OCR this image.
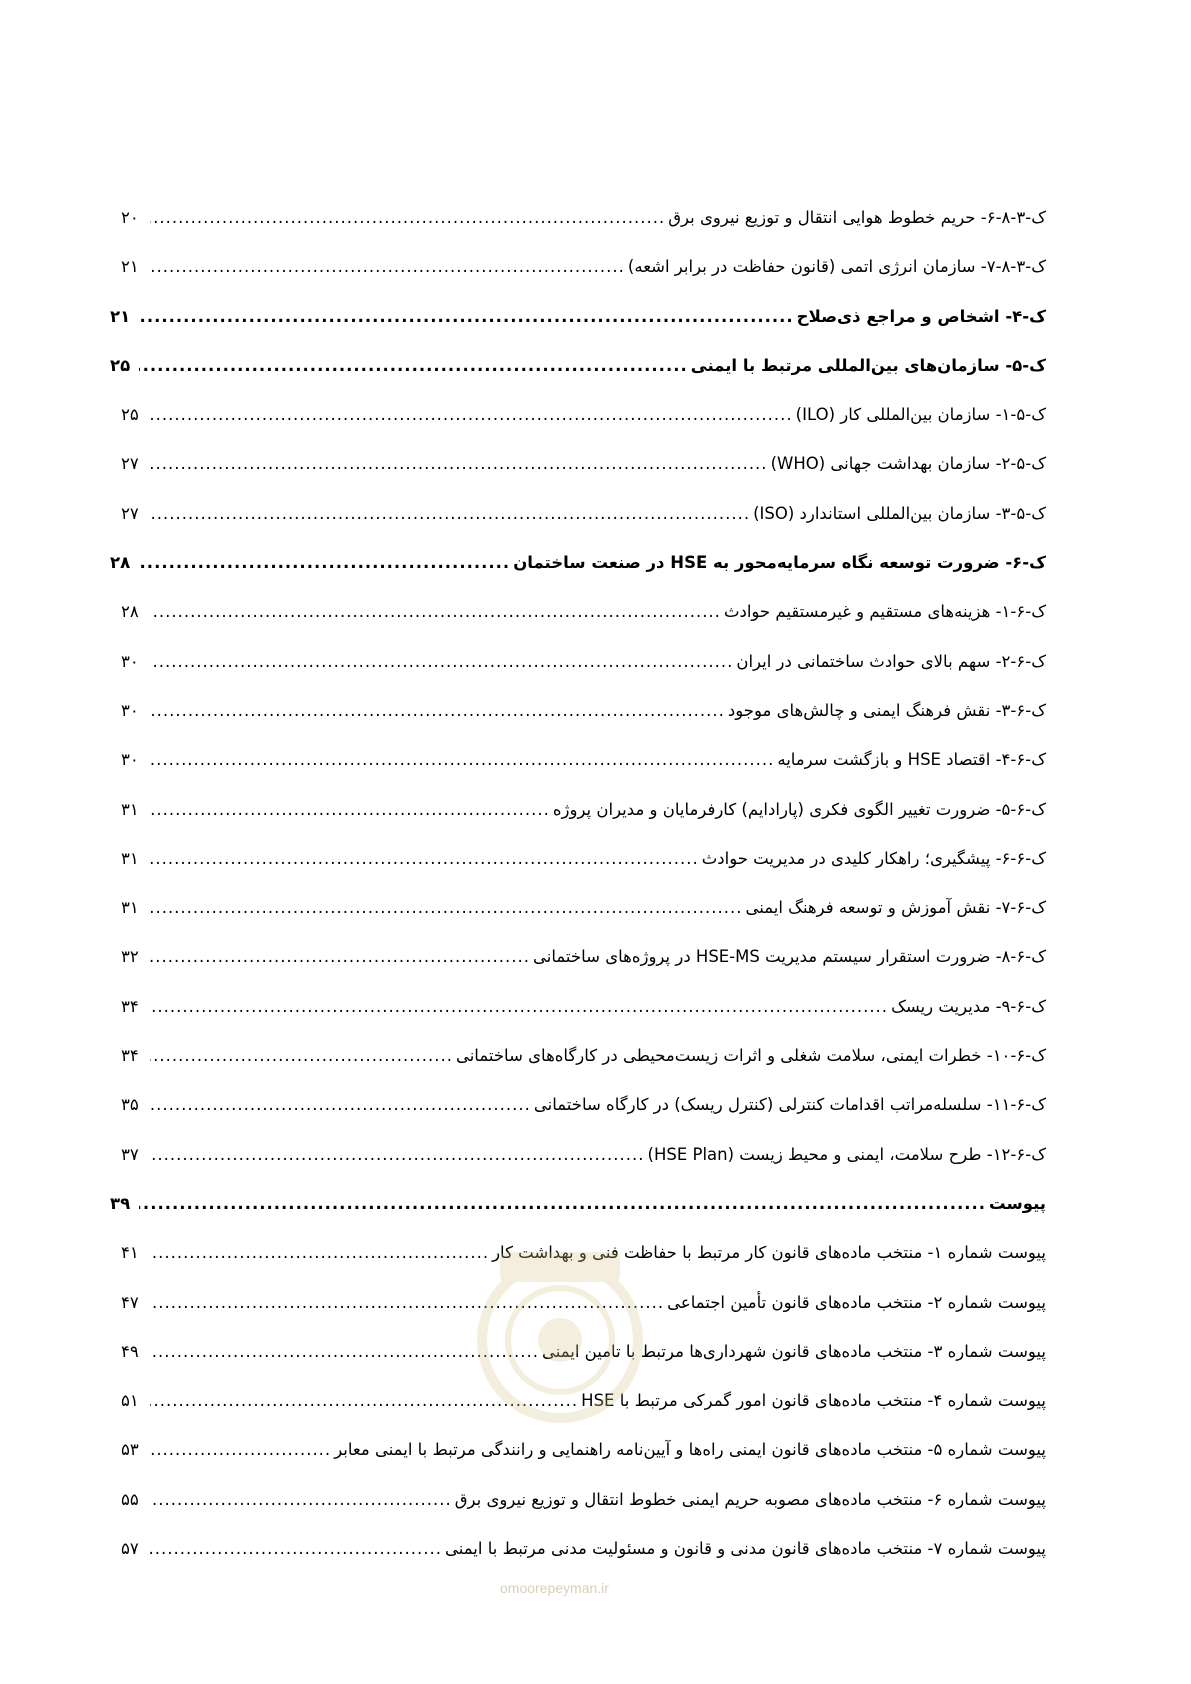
ک-۳-۸-۶- حریم خطوط هوایی انتقال و توزیع نیروی برق
.....
۲۰
ک-۳-۸-۷- سازمان انرژی اتمی (قانون حفاظت در برابر اشعه)
.....
۲۱
ک-۴- اشخاص و مراجع ذی‌صلاح
.....
۲۱
ک-۵- سازمان‌های بین‌المللی مرتبط با ایمنی
.....
۲۵
ک-۵-۱- سازمان بین‌المللی کار (ILO)
.....
۲۵
ک-۵-۲- سازمان بهداشت جهانی (WHO)
.....
۲۷
ک-۵-۳- سازمان بین‌المللی استاندارد (ISO)
.....
۲۷
ک-۶- ضرورت توسعه نگاه سرمایه‌محور به HSE در صنعت ساختمان
.....
۲۸
ک-۶-۱- هزینه‌های مستقیم و غیرمستقیم حوادث
.....
۲۸
ک-۶-۲- سهم بالای حوادث ساختمانی در ایران
.....
۳۰
ک-۶-۳- نقش فرهنگ ایمنی و چالش‌های موجود
.....
۳۰
ک-۶-۴- اقتصاد HSE و بازگشت سرمایه
.....
۳۰
ک-۶-۵- ضرورت تغییر الگوی فکری (پارادایم) کارفرمایان و مدیران پروژه
.....
۳۱
ک-۶-۶- پیشگیری؛ راهکار کلیدی در مدیریت حوادث
.....
۳۱
ک-۶-۷- نقش آموزش و توسعه فرهنگ ایمنی
.....
۳۱
ک-۶-۸- ضرورت استقرار سیستم مدیریت HSE-MS در پروژه‌های ساختمانی
.....
۳۲
ک-۶-۹- مدیریت ریسک
.....
۳۴
ک-۶-۱۰- خطرات ایمنی، سلامت شغلی و اثرات زیست‌محیطی در کارگاه‌های ساختمانی
.....
۳۴
ک-۶-۱۱- سلسله‌مراتب اقدامات کنترلی (کنترل ریسک) در کارگاه ساختمانی
.....
۳۵
ک-۶-۱۲- طرح سلامت، ایمنی و محیط زیست (HSE Plan)
.....
۳۷
پیوست
.....
۳۹
پیوست شماره ۱- منتخب ماده‌های قانون کار مرتبط با حفاظت فنی و بهداشت کار
.....
۴۱
پیوست شماره ۲- منتخب ماده‌های قانون تأمین اجتماعی
.....
۴۷
پیوست شماره ۳- منتخب ماده‌های قانون شهرداری‌ها مرتبط با تامین ایمنی
.....
۴۹
پیوست شماره ۴- منتخب ماده‌های قانون امور گمرکی مرتبط با HSE
.....
۵۱
پیوست شماره ۵- منتخب ماده‌های قانون ایمنی راه‌ها و آیین‌نامه راهنمایی و رانندگی مرتبط با ایمنی معابر
.....
۵۳
پیوست شماره ۶- منتخب ماده‌های مصوبه حریم ایمنی خطوط انتقال و توزیع نیروی برق
.....
۵۵
پیوست شماره ۷- منتخب ماده‌های قانون مدنی و قانون و مسئولیت مدنی مرتبط با ایمنی
.....
۵۷
omoorepeyman.ir
